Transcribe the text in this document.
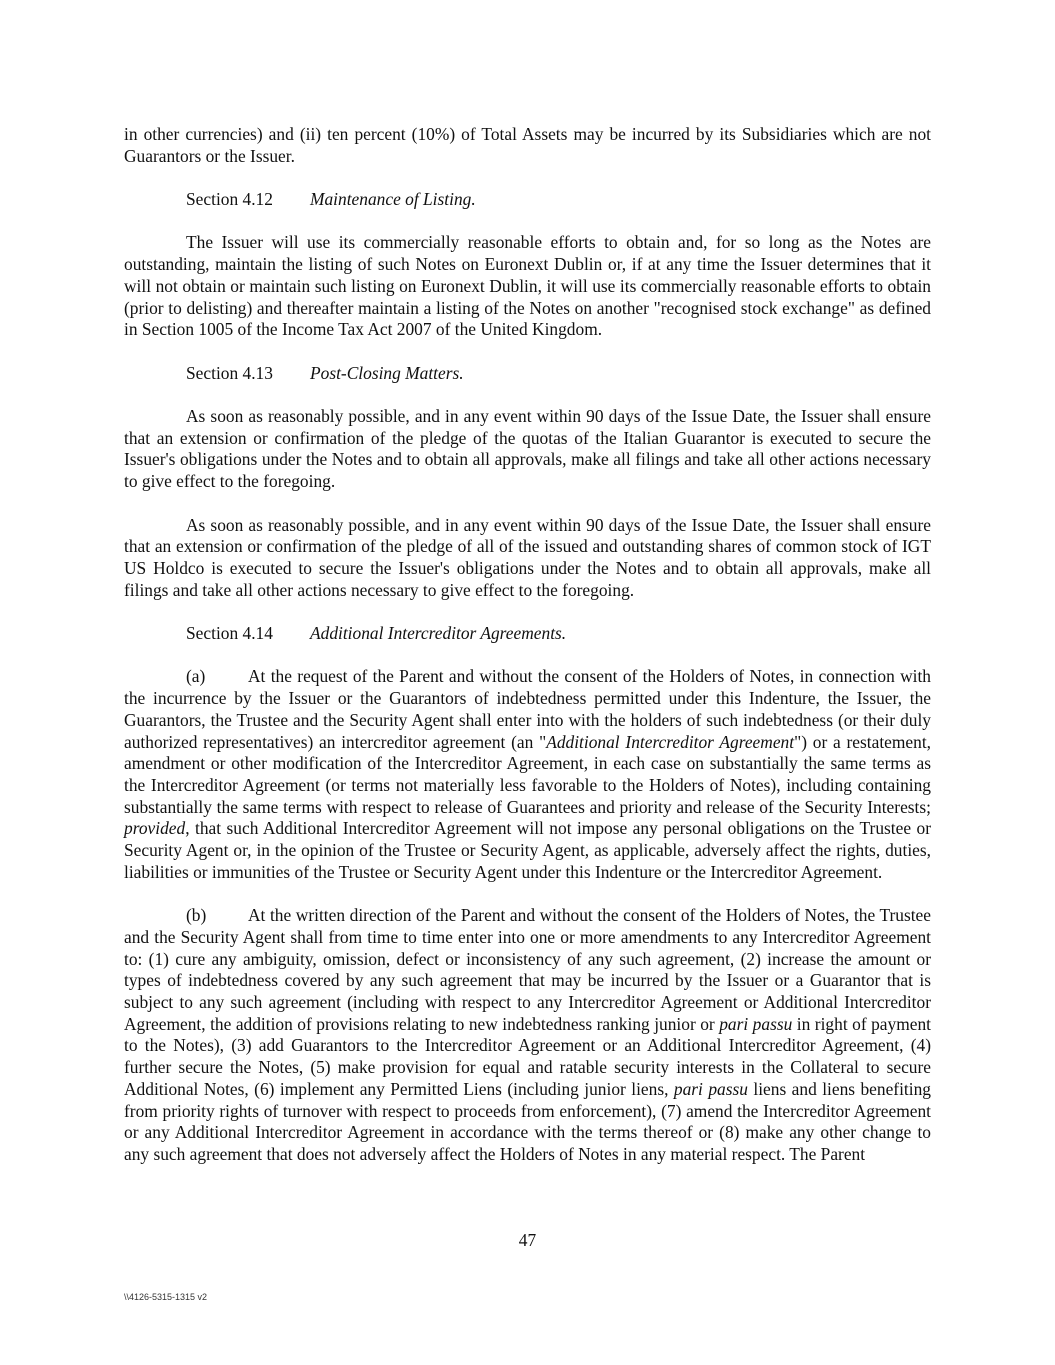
in other currencies) and (ii) ten percent (10%) of Total Assets may be incurred by its Subsidiaries which are not Guarantors or the Issuer.

Section 4.12 Maintenance of Listing.

The Issuer will use its commercially reasonable efforts to obtain and, for so long as the Notes are outstanding, maintain the listing of such Notes on Euronext Dublin or, if at any time the Issuer determines that it will not obtain or maintain such listing on Euronext Dublin, it will use its commercially reasonable efforts to obtain (prior to delisting) and thereafter maintain a listing of the Notes on another "recognised stock exchange" as defined in Section 1005 of the Income Tax Act 2007 of the United Kingdom.

Section 4.13 Post-Closing Matters.

As soon as reasonably possible, and in any event within 90 days of the Issue Date, the Issuer shall ensure that an extension or confirmation of the pledge of the quotas of the Italian Guarantor is executed to secure the Issuer's obligations under the Notes and to obtain all approvals, make all filings and take all other actions necessary to give effect to the foregoing.

As soon as reasonably possible, and in any event within 90 days of the Issue Date, the Issuer shall ensure that an extension or confirmation of the pledge of all of the issued and outstanding shares of common stock of IGT US Holdco is executed to secure the Issuer's obligations under the Notes and to obtain all approvals, make all filings and take all other actions necessary to give effect to the foregoing.

Section 4.14 Additional Intercreditor Agreements.

(a) At the request of the Parent and without the consent of the Holders of Notes, in connection with the incurrence by the Issuer or the Guarantors of indebtedness permitted under this Indenture, the Issuer, the Guarantors, the Trustee and the Security Agent shall enter into with the holders of such indebtedness (or their duly authorized representatives) an intercreditor agreement (an "Additional Intercreditor Agreement") or a restatement, amendment or other modification of the Intercreditor Agreement, in each case on substantially the same terms as the Intercreditor Agreement (or terms not materially less favorable to the Holders of Notes), including containing substantially the same terms with respect to release of Guarantees and priority and release of the Security Interests; provided, that such Additional Intercreditor Agreement will not impose any personal obligations on the Trustee or Security Agent or, in the opinion of the Trustee or Security Agent, as applicable, adversely affect the rights, duties, liabilities or immunities of the Trustee or Security Agent under this Indenture or the Intercreditor Agreement.

(b) At the written direction of the Parent and without the consent of the Holders of Notes, the Trustee and the Security Agent shall from time to time enter into one or more amendments to any Intercreditor Agreement to: (1) cure any ambiguity, omission, defect or inconsistency of any such agreement, (2) increase the amount or types of indebtedness covered by any such agreement that may be incurred by the Issuer or a Guarantor that is subject to any such agreement (including with respect to any Intercreditor Agreement or Additional Intercreditor Agreement, the addition of provisions relating to new indebtedness ranking junior or pari passu in right of payment to the Notes), (3) add Guarantors to the Intercreditor Agreement or an Additional Intercreditor Agreement, (4) further secure the Notes, (5) make provision for equal and ratable security interests in the Collateral to secure Additional Notes, (6) implement any Permitted Liens (including junior liens, pari passu liens and liens benefiting from priority rights of turnover with respect to proceeds from enforcement), (7) amend the Intercreditor Agreement or any Additional Intercreditor Agreement in accordance with the terms thereof or (8) make any other change to any such agreement that does not adversely affect the Holders of Notes in any material respect. The Parent

47
\\4126-5315-1315 v2
